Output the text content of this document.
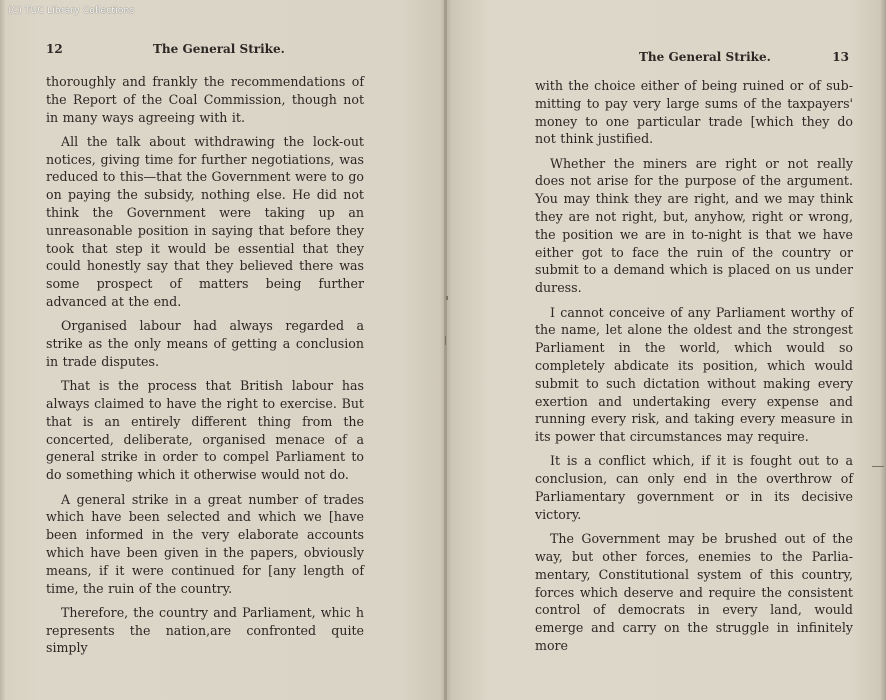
(C) TUC Library Collections
12	The General Strike.

thoroughly and frankly the recommendations of the Report of the Coal Commission, though not in many ways agreeing with it.

All the talk about withdrawing the lock-out notices, giving time for further negotiations, was reduced to this—that the Government were to go on paying the subsidy, nothing else. He did not think the Government were taking up an unreasonable position in saying that before they took that step it would be essential that they could honestly say that they believed there was some prospect of matters being further advanced at the end.

Organised labour had always regarded a strike as the only means of getting a conclusion in trade disputes.

That is the process that British labour has always claimed to have the right to exercise. But that is an entirely different thing from the concerted, deliberate, organised menace of a general strike in order to compel Parliament to do something which it otherwise would not do.

A general strike in a great number of trades which have been selected and which we [have been informed in the very elaborate accounts which have been given in the papers, obviously means, if it were continued for [any length of time, the ruin of the country.

Therefore, the country and Parliament, whic h represents the nation,are confronted quite simply

The General Strike.	13

with the choice either of being ruined or of sub-mitting to pay very large sums of the taxpayers' money to one particular trade [which they do not think justified.

Whether the miners are right or not really does not arise for the purpose of the argument. You may think they are right, and we may think they are not right, but, anyhow, right or wrong, the position we are in to-night is that we have either got to face the ruin of the country or submit to a demand which is placed on us under duress.

I cannot conceive of any Parliament worthy of the name, let alone the oldest and the strongest Parliament in the world, which would so completely abdicate its position, which would submit to such dictation without making every exertion and undertaking every expense and running every risk, and taking every measure in its power that circumstances may require.

It is a conflict which, if it is fought out to a conclusion, can only end in the overthrow of Parliamentary government or in its decisive victory.

The Government may be brushed out of the way, but other forces, enemies to the Parlia-mentary, Constitutional system of this country, forces which deserve and require the consistent control of democrats in every land, would emerge and carry on the struggle in infinitely more
